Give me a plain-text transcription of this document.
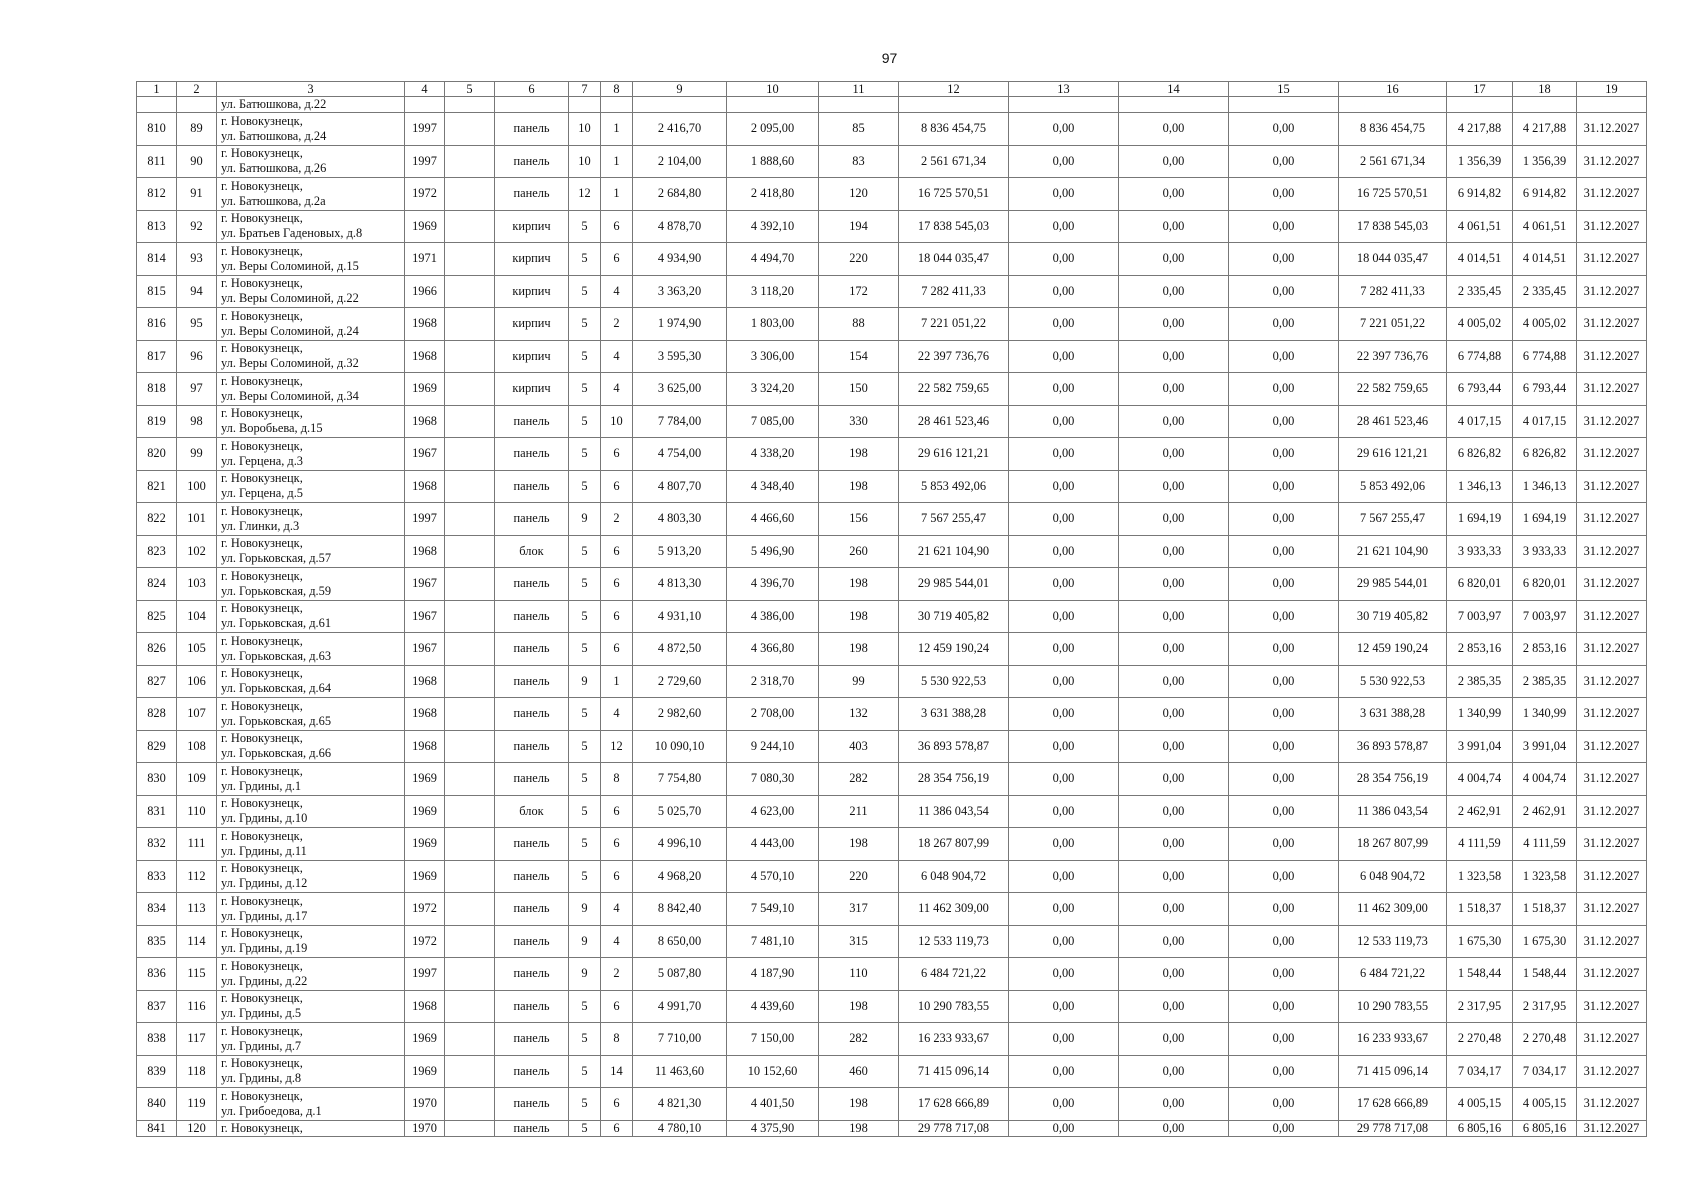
97
1	2	3	4	5	6	7	8	9	10	11	12	13	14	15	16	17	18	19
		ул. Батюшкова, д.22																
810	89	г. Новокузнецк,
ул. Батюшкова, д.24	1997		панель	10	1	2 416,70	2 095,00	85	8 836 454,75	0,00	0,00	0,00	8 836 454,75	4 217,88	4 217,88	31.12.2027
811	90	г. Новокузнецк,
ул. Батюшкова, д.26	1997		панель	10	1	2 104,00	1 888,60	83	2 561 671,34	0,00	0,00	0,00	2 561 671,34	1 356,39	1 356,39	31.12.2027
812	91	г. Новокузнецк,
ул. Батюшкова, д.2а	1972		панель	12	1	2 684,80	2 418,80	120	16 725 570,51	0,00	0,00	0,00	16 725 570,51	6 914,82	6 914,82	31.12.2027
813	92	г. Новокузнецк,
ул. Братьев Гаденовых, д.8	1969		кирпич	5	6	4 878,70	4 392,10	194	17 838 545,03	0,00	0,00	0,00	17 838 545,03	4 061,51	4 061,51	31.12.2027
814	93	г. Новокузнецк,
ул. Веры Соломиной, д.15	1971		кирпич	5	6	4 934,90	4 494,70	220	18 044 035,47	0,00	0,00	0,00	18 044 035,47	4 014,51	4 014,51	31.12.2027
815	94	г. Новокузнецк,
ул. Веры Соломиной, д.22	1966		кирпич	5	4	3 363,20	3 118,20	172	7 282 411,33	0,00	0,00	0,00	7 282 411,33	2 335,45	2 335,45	31.12.2027
816	95	г. Новокузнецк,
ул. Веры Соломиной, д.24	1968		кирпич	5	2	1 974,90	1 803,00	88	7 221 051,22	0,00	0,00	0,00	7 221 051,22	4 005,02	4 005,02	31.12.2027
817	96	г. Новокузнецк,
ул. Веры Соломиной, д.32	1968		кирпич	5	4	3 595,30	3 306,00	154	22 397 736,76	0,00	0,00	0,00	22 397 736,76	6 774,88	6 774,88	31.12.2027
818	97	г. Новокузнецк,
ул. Веры Соломиной, д.34	1969		кирпич	5	4	3 625,00	3 324,20	150	22 582 759,65	0,00	0,00	0,00	22 582 759,65	6 793,44	6 793,44	31.12.2027
819	98	г. Новокузнецк,
ул. Воробьева, д.15	1968		панель	5	10	7 784,00	7 085,00	330	28 461 523,46	0,00	0,00	0,00	28 461 523,46	4 017,15	4 017,15	31.12.2027
820	99	г. Новокузнецк,
ул. Герцена, д.3	1967		панель	5	6	4 754,00	4 338,20	198	29 616 121,21	0,00	0,00	0,00	29 616 121,21	6 826,82	6 826,82	31.12.2027
821	100	г. Новокузнецк,
ул. Герцена, д.5	1968		панель	5	6	4 807,70	4 348,40	198	5 853 492,06	0,00	0,00	0,00	5 853 492,06	1 346,13	1 346,13	31.12.2027
822	101	г. Новокузнецк,
ул. Глинки, д.3	1997		панель	9	2	4 803,30	4 466,60	156	7 567 255,47	0,00	0,00	0,00	7 567 255,47	1 694,19	1 694,19	31.12.2027
823	102	г. Новокузнецк,
ул. Горьковская, д.57	1968		блок	5	6	5 913,20	5 496,90	260	21 621 104,90	0,00	0,00	0,00	21 621 104,90	3 933,33	3 933,33	31.12.2027
824	103	г. Новокузнецк,
ул. Горьковская, д.59	1967		панель	5	6	4 813,30	4 396,70	198	29 985 544,01	0,00	0,00	0,00	29 985 544,01	6 820,01	6 820,01	31.12.2027
825	104	г. Новокузнецк,
ул. Горьковская, д.61	1967		панель	5	6	4 931,10	4 386,00	198	30 719 405,82	0,00	0,00	0,00	30 719 405,82	7 003,97	7 003,97	31.12.2027
826	105	г. Новокузнецк,
ул. Горьковская, д.63	1967		панель	5	6	4 872,50	4 366,80	198	12 459 190,24	0,00	0,00	0,00	12 459 190,24	2 853,16	2 853,16	31.12.2027
827	106	г. Новокузнецк,
ул. Горьковская, д.64	1968		панель	9	1	2 729,60	2 318,70	99	5 530 922,53	0,00	0,00	0,00	5 530 922,53	2 385,35	2 385,35	31.12.2027
828	107	г. Новокузнецк,
ул. Горьковская, д.65	1968		панель	5	4	2 982,60	2 708,00	132	3 631 388,28	0,00	0,00	0,00	3 631 388,28	1 340,99	1 340,99	31.12.2027
829	108	г. Новокузнецк,
ул. Горьковская, д.66	1968		панель	5	12	10 090,10	9 244,10	403	36 893 578,87	0,00	0,00	0,00	36 893 578,87	3 991,04	3 991,04	31.12.2027
830	109	г. Новокузнецк,
ул. Грдины, д.1	1969		панель	5	8	7 754,80	7 080,30	282	28 354 756,19	0,00	0,00	0,00	28 354 756,19	4 004,74	4 004,74	31.12.2027
831	110	г. Новокузнецк,
ул. Грдины, д.10	1969		блок	5	6	5 025,70	4 623,00	211	11 386 043,54	0,00	0,00	0,00	11 386 043,54	2 462,91	2 462,91	31.12.2027
832	111	г. Новокузнецк,
ул. Грдины, д.11	1969		панель	5	6	4 996,10	4 443,00	198	18 267 807,99	0,00	0,00	0,00	18 267 807,99	4 111,59	4 111,59	31.12.2027
833	112	г. Новокузнецк,
ул. Грдины, д.12	1969		панель	5	6	4 968,20	4 570,10	220	6 048 904,72	0,00	0,00	0,00	6 048 904,72	1 323,58	1 323,58	31.12.2027
834	113	г. Новокузнецк,
ул. Грдины, д.17	1972		панель	9	4	8 842,40	7 549,10	317	11 462 309,00	0,00	0,00	0,00	11 462 309,00	1 518,37	1 518,37	31.12.2027
835	114	г. Новокузнецк,
ул. Грдины, д.19	1972		панель	9	4	8 650,00	7 481,10	315	12 533 119,73	0,00	0,00	0,00	12 533 119,73	1 675,30	1 675,30	31.12.2027
836	115	г. Новокузнецк,
ул. Грдины, д.22	1997		панель	9	2	5 087,80	4 187,90	110	6 484 721,22	0,00	0,00	0,00	6 484 721,22	1 548,44	1 548,44	31.12.2027
837	116	г. Новокузнецк,
ул. Грдины, д.5	1968		панель	5	6	4 991,70	4 439,60	198	10 290 783,55	0,00	0,00	0,00	10 290 783,55	2 317,95	2 317,95	31.12.2027
838	117	г. Новокузнецк,
ул. Грдины, д.7	1969		панель	5	8	7 710,00	7 150,00	282	16 233 933,67	0,00	0,00	0,00	16 233 933,67	2 270,48	2 270,48	31.12.2027
839	118	г. Новокузнецк,
ул. Грдины, д.8	1969		панель	5	14	11 463,60	10 152,60	460	71 415 096,14	0,00	0,00	0,00	71 415 096,14	7 034,17	7 034,17	31.12.2027
840	119	г. Новокузнецк,
ул. Грибоедова, д.1	1970		панель	5	6	4 821,30	4 401,50	198	17 628 666,89	0,00	0,00	0,00	17 628 666,89	4 005,15	4 005,15	31.12.2027
841	120	г. Новокузнецк,	1970		панель	5	6	4 780,10	4 375,90	198	29 778 717,08	0,00	0,00	0,00	29 778 717,08	6 805,16	6 805,16	31.12.2027
